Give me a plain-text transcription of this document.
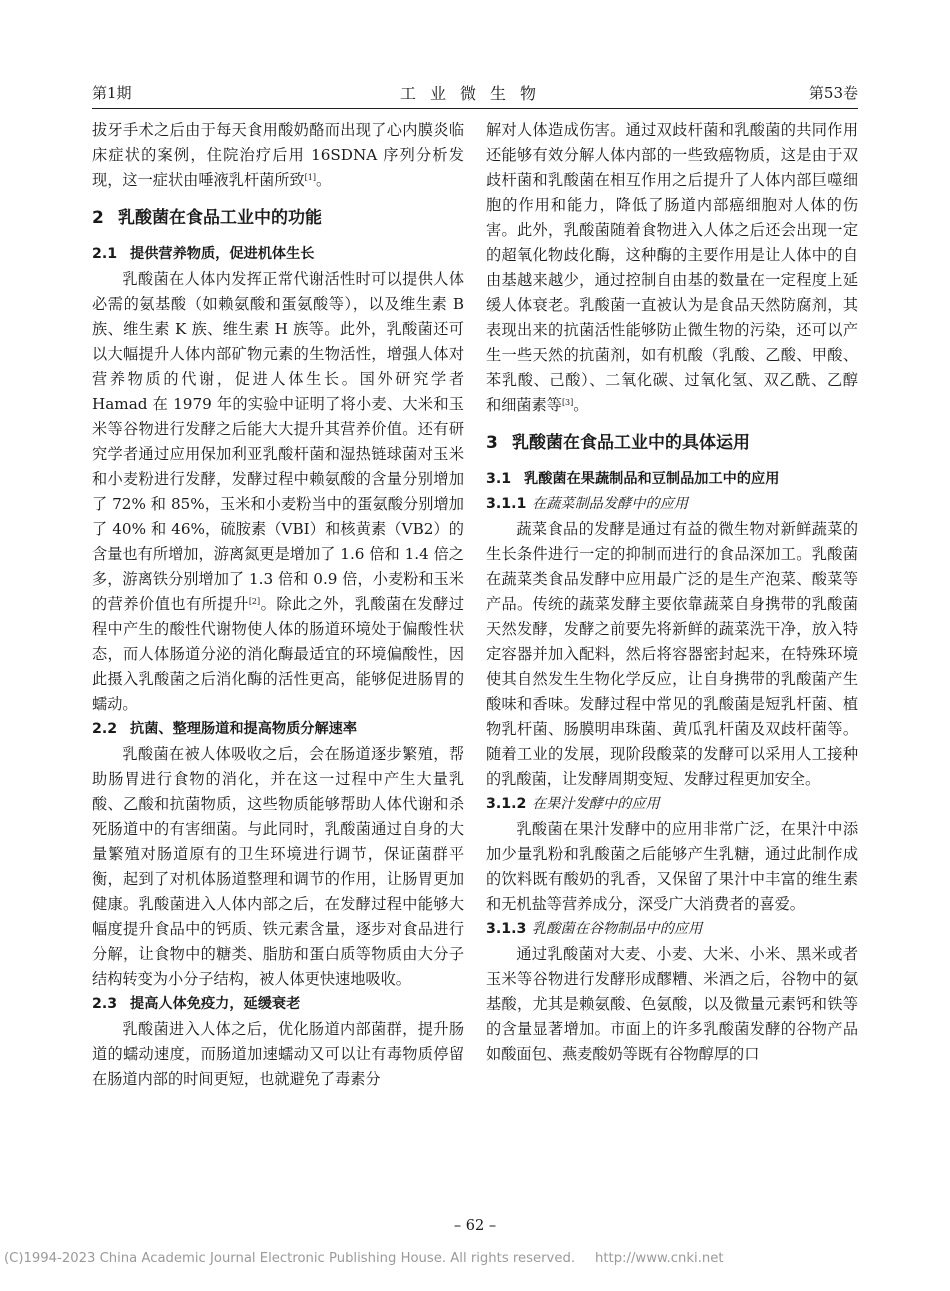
第1期	工业微生物	第53卷

拔牙手术之后由于每天食用酸奶酪而出现了心内膜炎临床症状的案例，住院治疗后用 16SDNA 序列分析发现，这一症状由唾液乳杆菌所致[1]。

2 乳酸菌在食品工业中的功能
2.1 提供营养物质，促进机体生长

乳酸菌在人体内发挥正常代谢活性时可以提供人体必需的氨基酸（如赖氨酸和蛋氨酸等），以及维生素 B 族、维生素 K 族、维生素 H 族等。此外，乳酸菌还可以大幅提升人体内部矿物元素的生物活性，增强人体对营养物质的代谢，促进人体生长。国外研究学者 Hamad 在 1979 年的实验中证明了将小麦、大米和玉米等谷物进行发酵之后能大大提升其营养价值。还有研究学者通过应用保加利亚乳酸杆菌和湿热链球菌对玉米和小麦粉进行发酵，发酵过程中赖氨酸的含量分别增加了 72% 和 85%，玉米和小麦粉当中的蛋氨酸分别增加了 40% 和 46%，硫胺素（VBI）和核黄素（VB2）的含量也有所增加，游离氮更是增加了 1.6 倍和 1.4 倍之多，游离铁分别增加了 1.3 倍和 0.9 倍，小麦粉和玉米的营养价值也有所提升[2]。除此之外，乳酸菌在发酵过程中产生的酸性代谢物使人体的肠道环境处于偏酸性状态，而人体肠道分泌的消化酶最适宜的环境偏酸性，因此摄入乳酸菌之后消化酶的活性更高，能够促进肠胃的蠕动。

2.2 抗菌、整理肠道和提高物质分解速率

乳酸菌在被人体吸收之后，会在肠道逐步繁殖，帮助肠胃进行食物的消化，并在这一过程中产生大量乳酸、乙酸和抗菌物质，这些物质能够帮助人体代谢和杀死肠道中的有害细菌。与此同时，乳酸菌通过自身的大量繁殖对肠道原有的卫生环境进行调节，保证菌群平衡，起到了对机体肠道整理和调节的作用，让肠胃更加健康。乳酸菌进入人体内部之后，在发酵过程中能够大幅度提升食品中的钙质、铁元素含量，逐步对食品进行分解，让食物中的糖类、脂肪和蛋白质等物质由大分子结构转变为小分子结构，被人体更快速地吸收。

2.3 提高人体免疫力，延缓衰老

乳酸菌进入人体之后，优化肠道内部菌群，提升肠道的蠕动速度，而肠道加速蠕动又可以让有毒物质停留在肠道内部的时间更短，也就避免了毒素分

解对人体造成伤害。通过双歧杆菌和乳酸菌的共同作用还能够有效分解人体内部的一些致癌物质，这是由于双歧杆菌和乳酸菌在相互作用之后提升了人体内部巨噬细胞的作用和能力，降低了肠道内部癌细胞对人体的伤害。此外，乳酸菌随着食物进入人体之后还会出现一定的超氧化物歧化酶，这种酶的主要作用是让人体中的自由基越来越少，通过控制自由基的数量在一定程度上延缓人体衰老。乳酸菌一直被认为是食品天然防腐剂，其表现出来的抗菌活性能够防止微生物的污染，还可以产生一些天然的抗菌剂，如有机酸（乳酸、乙酸、甲酸、苯乳酸、己酸）、二氧化碳、过氧化氢、双乙酰、乙醇和细菌素等[3]。

3 乳酸菌在食品工业中的具体运用
3.1 乳酸菌在果蔬制品和豆制品加工中的应用
3.1.1 在蔬菜制品发酵中的应用

蔬菜食品的发酵是通过有益的微生物对新鲜蔬菜的生长条件进行一定的抑制而进行的食品深加工。乳酸菌在蔬菜类食品发酵中应用最广泛的是生产泡菜、酸菜等产品。传统的蔬菜发酵主要依靠蔬菜自身携带的乳酸菌天然发酵，发酵之前要先将新鲜的蔬菜洗干净，放入特定容器并加入配料，然后将容器密封起来，在特殊环境使其自然发生生物化学反应，让自身携带的乳酸菌产生酸味和香味。发酵过程中常见的乳酸菌是短乳杆菌、植物乳杆菌、肠膜明串珠菌、黄瓜乳杆菌及双歧杆菌等。随着工业的发展，现阶段酸菜的发酵可以采用人工接种的乳酸菌，让发酵周期变短、发酵过程更加安全。

3.1.2 在果汁发酵中的应用

乳酸菌在果汁发酵中的应用非常广泛，在果汁中添加少量乳粉和乳酸菌之后能够产生乳糖，通过此制作成的饮料既有酸奶的乳香，又保留了果汁中丰富的维生素和无机盐等营养成分，深受广大消费者的喜爱。

3.1.3 乳酸菌在谷物制品中的应用

通过乳酸菌对大麦、小麦、大米、小米、黑米或者玉米等谷物进行发酵形成醪糟、米酒之后，谷物中的氨基酸，尤其是赖氨酸、色氨酸，以及微量元素钙和铁等的含量显著增加。市面上的许多乳酸菌发酵的谷物产品如酸面包、燕麦酸奶等既有谷物醇厚的口

– 62 –
(C)1994-2023 China Academic Journal Electronic Publishing House. All rights reserved. http://www.cnki.net
